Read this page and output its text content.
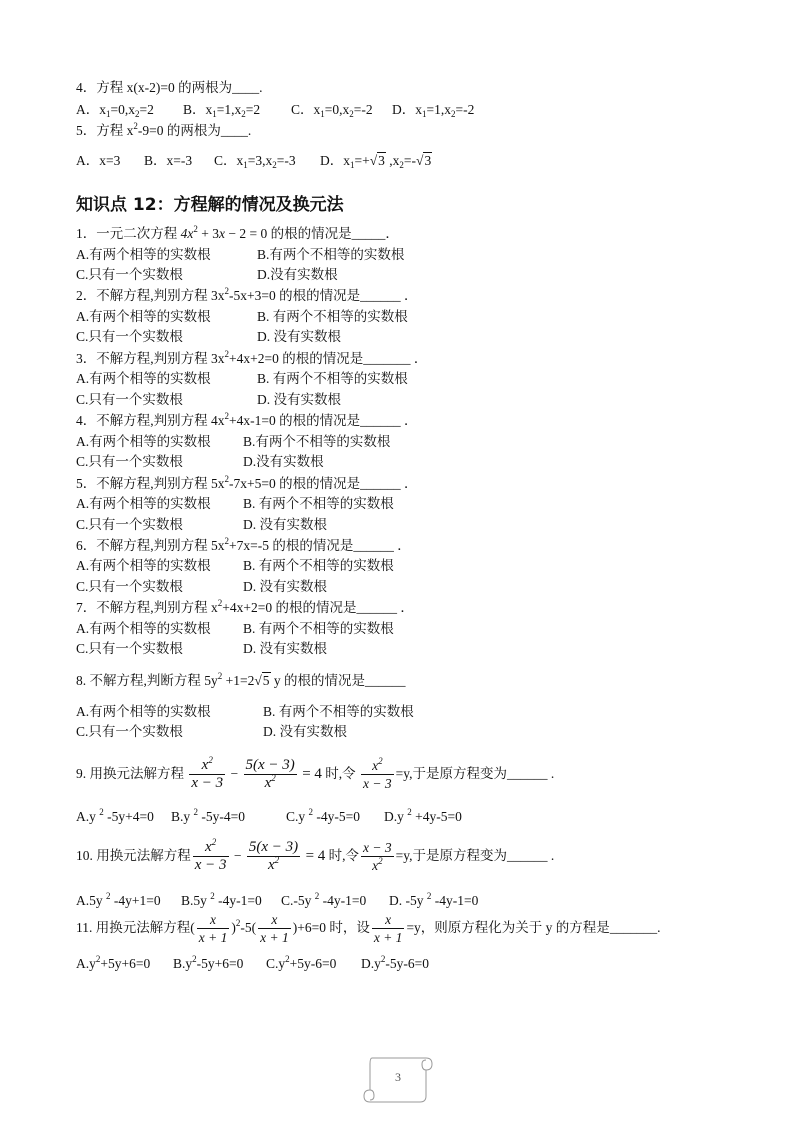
4．方程 x(x-2)=0 的两根为____.
A．$x_1=0,x_2=2$ B．$x_1=1,x_2=2$ C．$x_1=0,x_2=-2$ D．$x_1=1,x_2=-2$
5．方程 $x^2-9=0$ 的两根为____.
A．x=3 B．x=-3 C．$x_1=3,x_2=-3$ D．$x_1=+√3$ $,x_2=-√3$
知识点 12：方程解的情况及换元法
1．一元二次方程 $4x^2 + 3x - 2 = 0$ 的根的情况是_____．
A.有两个相等的实数根	B.有两个不相等的实数根
C.只有一个实数根	D.没有实数根
2．不解方程,判别方程 $3x^2-5x+3=0$ 的根的情况是______ ．
A.有两个相等的实数根	B. 有两个不相等的实数根
C.只有一个实数根	D. 没有实数根
3．不解方程,判别方程 $3x^2+4x+2=0$ 的根的情况是_______ ．
A.有两个相等的实数根	B. 有两个不相等的实数根
C.只有一个实数根	D. 没有实数根
4．不解方程,判别方程 $4x^2+4x-1=0$ 的根的情况是______ ．
A.有两个相等的实数根 B.有两个不相等的实数根
C.只有一个实数根	D.没有实数根
5．不解方程,判别方程 $5x^2-7x+5=0$ 的根的情况是______ ．
A.有两个相等的实数根 B. 有两个不相等的实数根
C.只有一个实数根	D. 没有实数根
6．不解方程,判别方程 $5x^2+7x=-5$ 的根的情况是______ ．
A.有两个相等的实数根 B. 有两个不相等的实数根
C.只有一个实数根	D. 没有实数根
7．不解方程,判别方程 $x^2+4x+2=0$ 的根的情况是______ ．
A.有两个相等的实数根 B. 有两个不相等的实数根
C.只有一个实数根	D. 没有实数根
8. 不解方程,判断方程 $5y^2 +1=2√5$ y 的根的情况是______
A.有两个相等的实数根	B. 有两个不相等的实数根
C.只有一个实数根	D. 没有实数根
9. 用换元法解方程 $\frac{x^2}{x - 3} - \frac{5(x - 3)}{x^2} = 4$ 时,令 $\frac{x^2}{x - 3} =y$,于是原方程变为______ .
A.y $^2$ -5y+4=0 B.y $^2$ -5y-4=0	C.y $^2$ -4y-5=0 D.y $^2$ +4y-5=0
10. 用换元法解方程 $\frac{x^2}{x - 3} - \frac{5(x - 3)}{x^2} = 4$ 时,令 $\frac{x - 3}{x^2} =y$,于是原方程变为______ .
A.5y $^2$ -4y+1=0 B.5y $^2$ -4y-1=0 C.-5y $^2$ -4y-1=0 D. -5y $^2$ -4y-1=0
11. 用换元法解方程( $\frac{x}{x + 1} )^2-5( \frac{x}{x + 1} )+6=0$ 时，设 $\frac{x}{x + 1} =y$，则原方程化为关于 y 的方程是_______.
$A.y^2+5y+6=0$ $B.y^2-5y+6=0$ $C.y^2+5y-6=0$ $D.y^2-5y-6=0$
3
